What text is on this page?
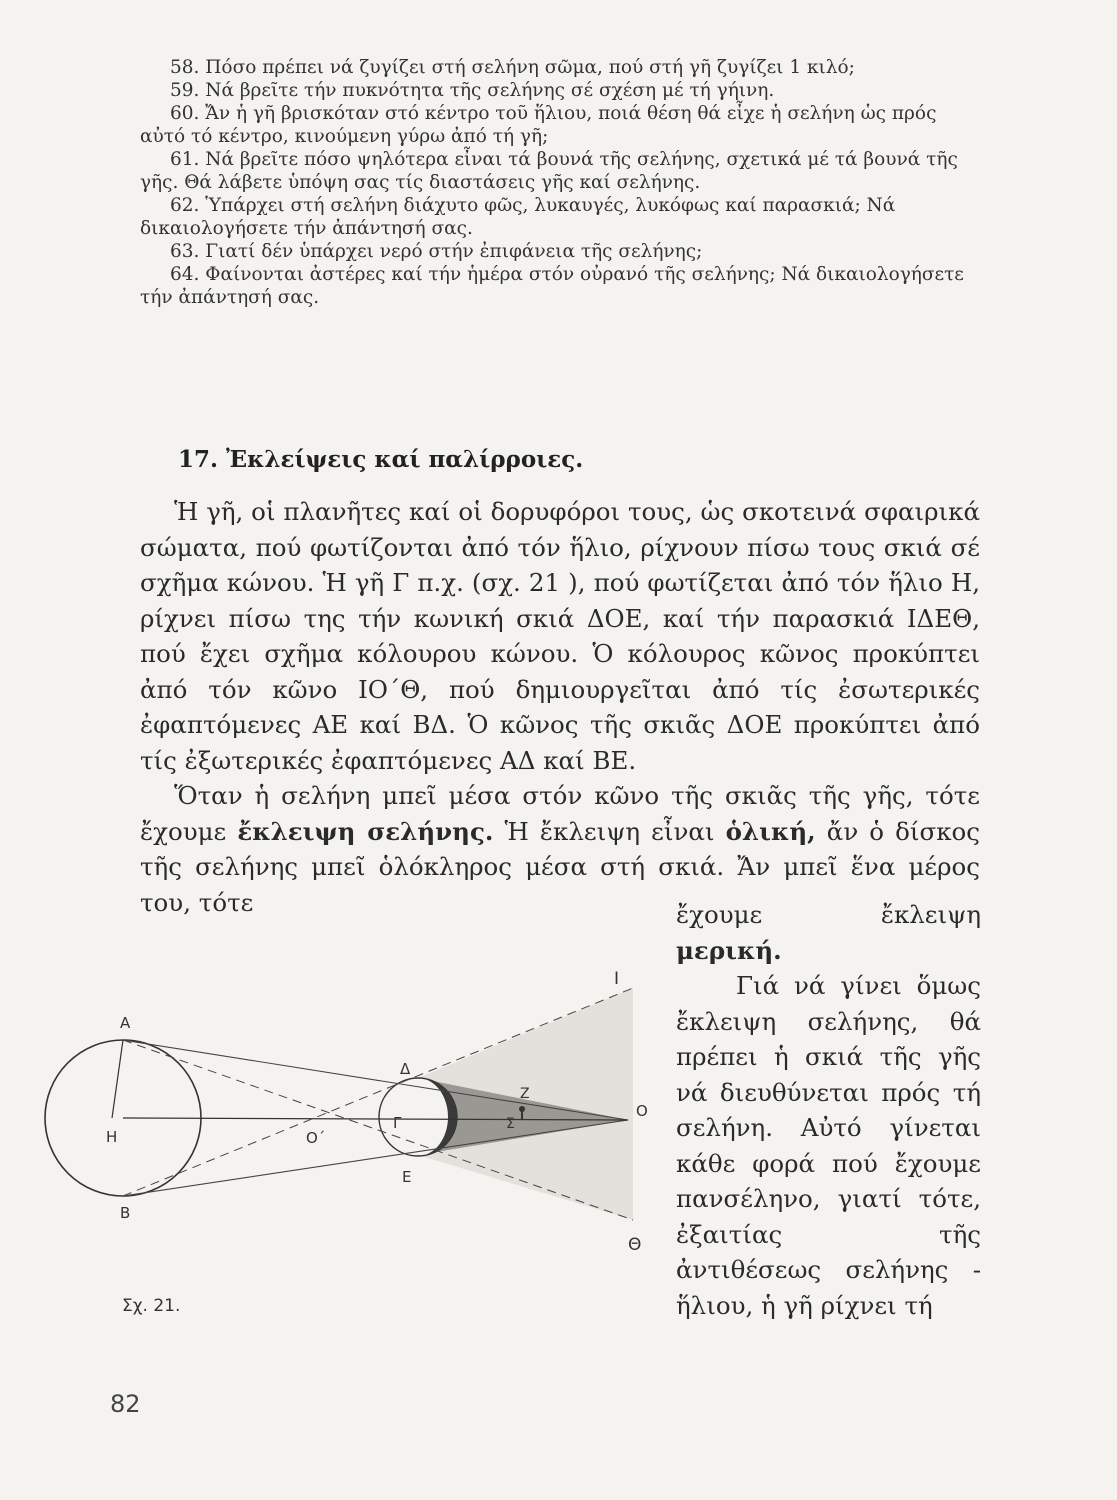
58. Πόσο πρέπει νά ζυγίζει στή σελήνη σῶμα, πού στή γῆ ζυγίζει 1 κιλό;

59. Νά βρεῖτε τήν πυκνότητα τῆς σελήνης σέ σχέση μέ τή γήινη.

60. Ἄν ἡ γῆ βρισκόταν στό κέντρο τοῦ ἥλιου, ποιά θέση θά εἶχε ἡ σελήνη ὡς πρός αὐτό τό κέντρο, κινούμενη γύρω ἀπό τή γῆ;

61. Νά βρεῖτε πόσο ψηλότερα εἶναι τά βουνά τῆς σελήνης, σχετικά μέ τά βουνά τῆς γῆς. Θά λάβετε ὑπόψη σας τίς διαστάσεις γῆς καί σελήνης.

62. Ὑπάρχει στή σελήνη διάχυτο φῶς, λυκαυγές, λυκόφως καί παρασκιά; Νά δικαιολογήσετε τήν ἀπάντησή σας.

63. Γιατί δέν ὑπάρχει νερό στήν ἐπιφάνεια τῆς σελήνης;

64. Φαίνονται ἀστέρες καί τήν ἡμέρα στόν οὐρανό τῆς σελήνης; Νά δικαιολογήσετε τήν ἀπάντησή σας.

17. Ἐκλείψεις καί παλίρροιες.

Ἡ γῆ, οἱ πλανῆτες καί οἱ δορυφόροι τους, ὡς σκοτεινά σφαιρικά σώματα, πού φωτίζονται ἀπό τόν ἥλιο, ρίχνουν πίσω τους σκιά σέ σχῆμα κώνου. Ἡ γῆ Γ π.χ. (σχ. 21 ), πού φωτίζεται ἀπό τόν ἥλιο Η, ρίχνει πίσω της τήν κωνική σκιά ΔΟΕ, καί τήν παρασκιά ΙΔΕΘ, πού ἔχει σχῆμα κόλουρου κώνου. Ὁ κόλουρος κῶνος προκύπτει ἀπό τόν κῶνο ΙΟ΄Θ, πού δημιουργεῖται ἀπό τίς ἐσωτερικές ἐφαπτόμενες ΑΕ καί ΒΔ. Ὁ κῶνος τῆς σκιᾶς ΔΟΕ προκύπτει ἀπό τίς ἐξωτερικές ἐφαπτόμενες ΑΔ καί ΒΕ.

Ὅταν ἡ σελήνη μπεῖ μέσα στόν κῶνο τῆς σκιᾶς τῆς γῆς, τότε ἔχουμε ἔκλειψη σελήνης. Ἡ ἔκλειψη εἶναι ὁλική, ἄν ὁ δίσκος τῆς σελήνης μπεῖ ὁλόκληρος μέσα στή σκιά. Ἄν μπεῖ ἕνα μέρος του, τότε	ἔχουμε ἔκλειψη μερική.

Γιά νά γίνει ὅμως ἔκλειψη σελήνης, θά πρέπει ἡ σκιά τῆς γῆς νά διευθύνεται πρός τή σελήνη. Αὐτό γίνεται κάθε φορά πού ἔχουμε πανσέληνο, γιατί τότε, ἐξαιτίας τῆς ἀντιθέσεως σελήνης - ἥλιου, ἡ γῆ ρίχνει τή

Α
Β
Η	Ο΄
Γ
Δ
Ε
Ζ
Σ
Ο
Ι
Θ
Σχ. 21.
82
